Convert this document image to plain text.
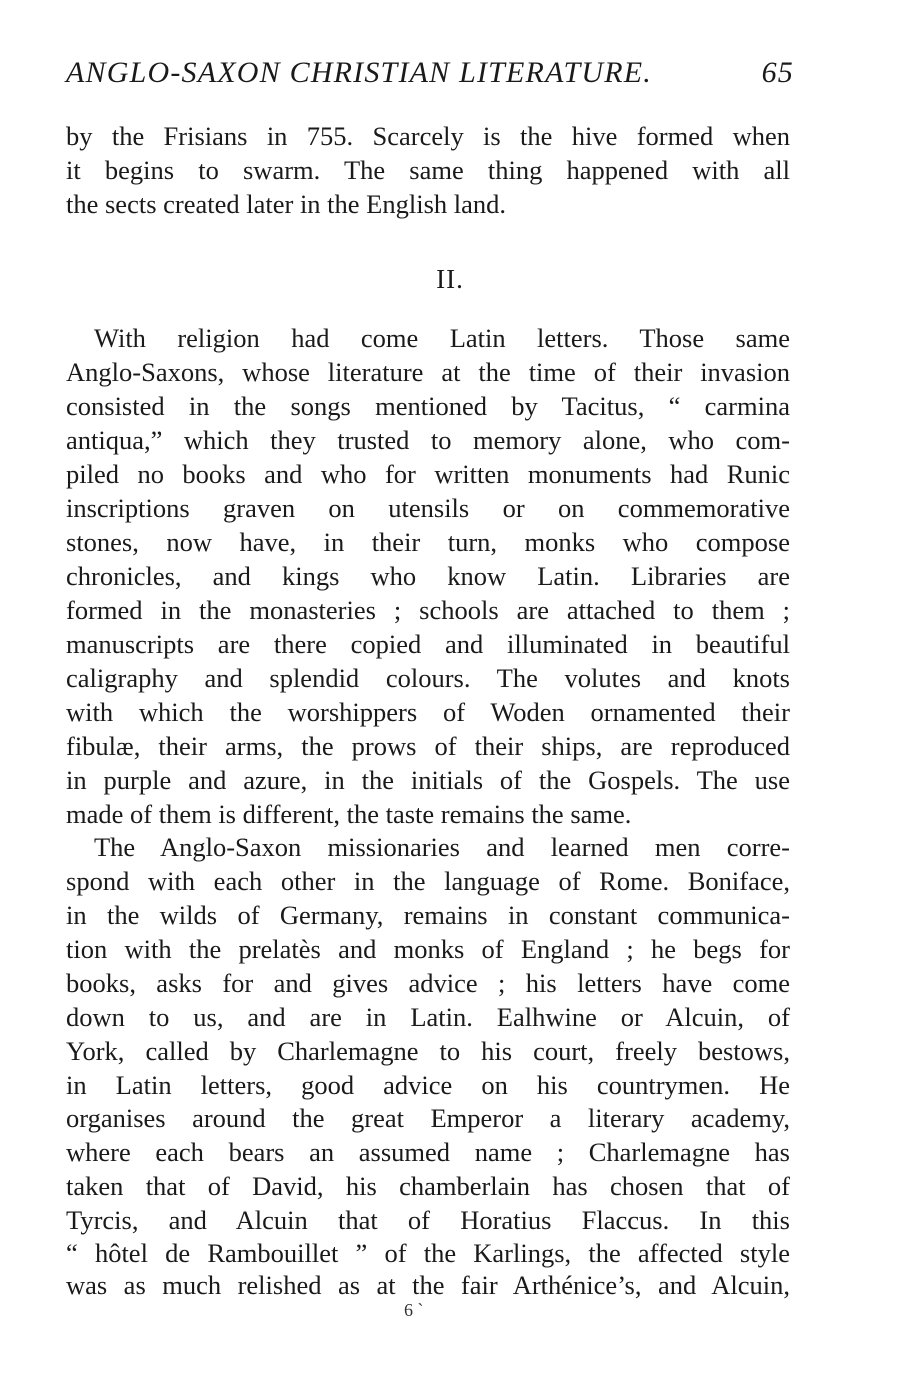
ANGLO-SAXON CHRISTIAN LITERATURE.	65
by the Frisians in 755. Scarcely is the hive formed when
it begins to swarm. The same thing happened with all
the sects created later in the English land.
II.
With religion had come Latin letters. Those same
Anglo-Saxons, whose literature at the time of their invasion
consisted in the songs mentioned by Tacitus, “ carmina
antiqua,” which they trusted to memory alone, who com-
piled no books and who for written monuments had Runic
inscriptions graven on utensils or on commemorative
stones, now have, in their turn, monks who compose
chronicles, and kings who know Latin. Libraries are
formed in the monasteries ; schools are attached to them ;
manuscripts are there copied and illuminated in beautiful
caligraphy and splendid colours. The volutes and knots
with which the worshippers of Woden ornamented their
fibulæ, their arms, the prows of their ships, are reproduced
in purple and azure, in the initials of the Gospels. The use
made of them is different, the taste remains the same.
The Anglo-Saxon missionaries and learned men corre-
spond with each other in the language of Rome. Boniface,
in the wilds of Germany, remains in constant communica-
tion with the prelatès and monks of England ; he begs for
books, asks for and gives advice ; his letters have come
down to us, and are in Latin. Ealhwine or Alcuin, of
York, called by Charlemagne to his court, freely bestows,
in Latin letters, good advice on his countrymen. He
organises around the great Emperor a literary academy,
where each bears an assumed name ; Charlemagne has
taken that of David, his chamberlain has chosen that of
Tyrcis, and Alcuin that of Horatius Flaccus. In this
“ hôtel de Rambouillet ” of the Karlings, the affected style
was as much relished as at the fair Arthénice’s, and Alcuin,
6 ˋ
